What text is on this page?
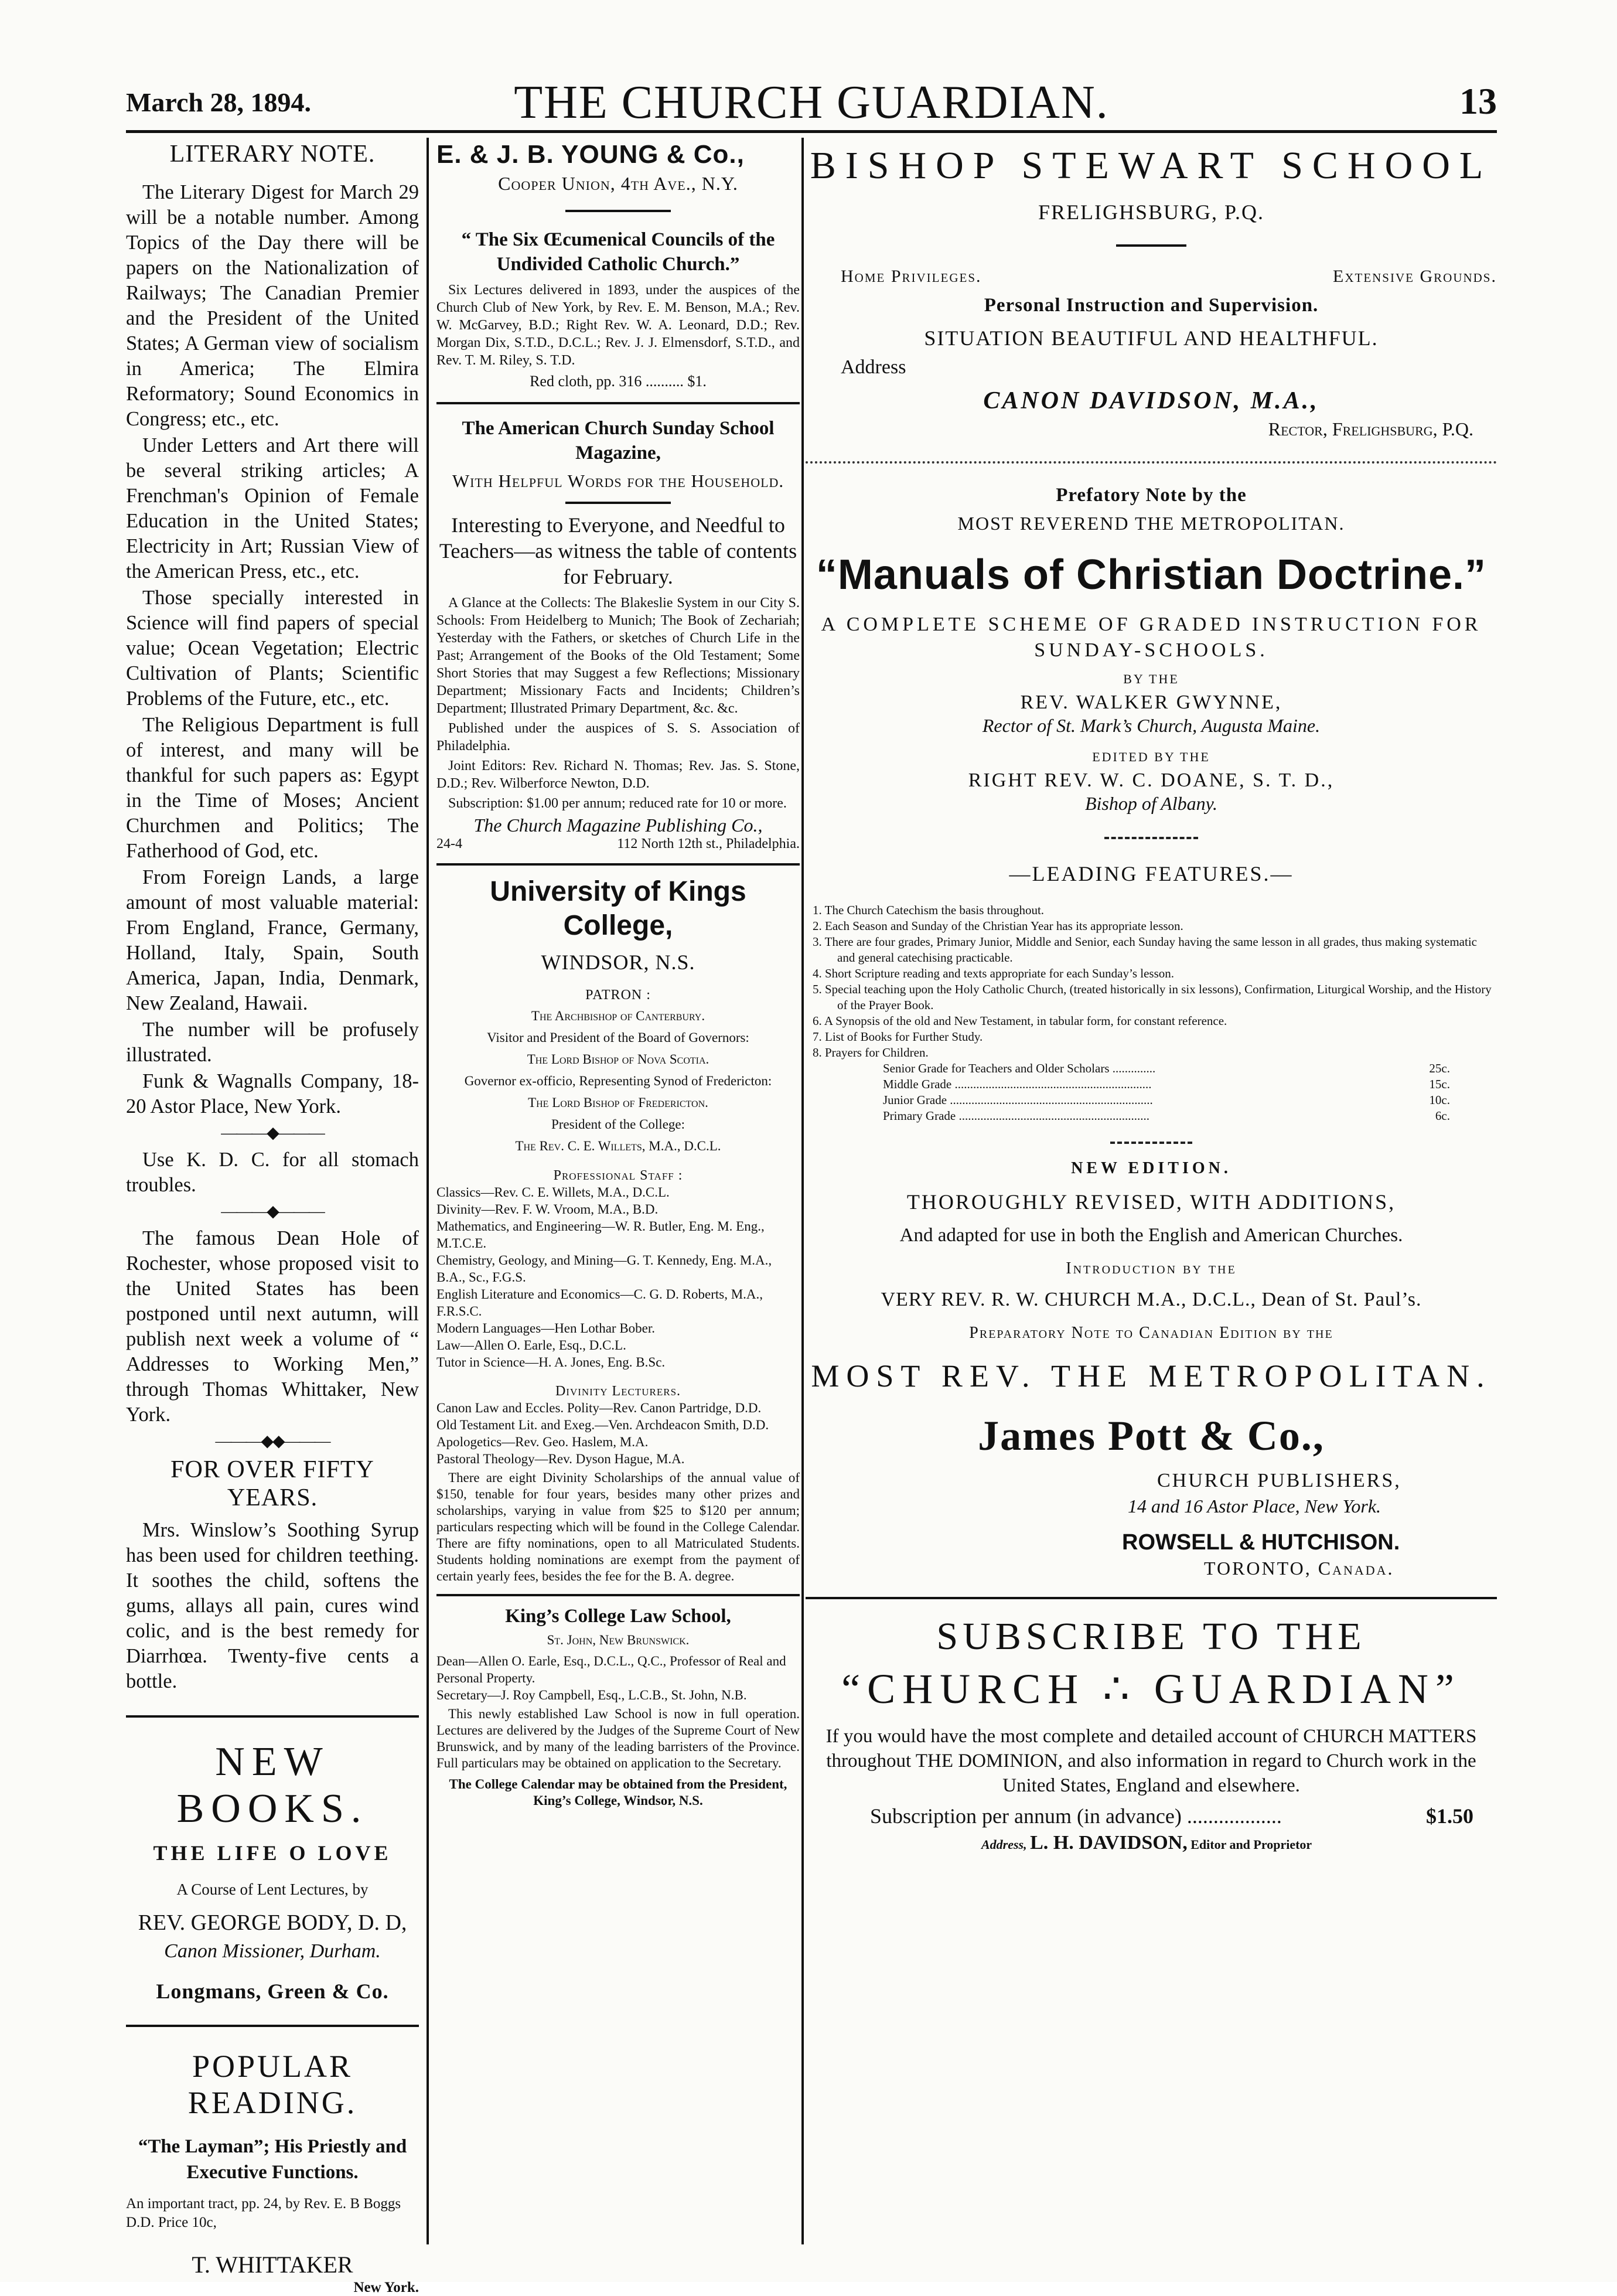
March 28, 1894.	THE CHURCH GUARDIAN.	13
LITERARY NOTE.

The Literary Digest for March 29 will be a notable number. Among Topics of the Day there will be papers on the Nationalization of Railways; The Canadian Premier and the President of the United States; A German view of socialism in America; The Elmira Reformatory; Sound Economics in Congress; etc., etc.

Under Letters and Art there will be several striking articles; A Frenchman's Opinion of Female Education in the United States; Electricity in Art; Russian View of the American Press, etc., etc.

Those specially interested in Science will find papers of special value; Ocean Vegetation; Electric Cultivation of Plants; Scientific Problems of the Future, etc., etc.

The Religious Department is full of interest, and many will be thankful for such papers as: Egypt in the Time of Moses; Ancient Churchmen and Politics; The Fatherhood of God, etc.

From Foreign Lands, a large amount of most valuable material: From England, France, Germany, Holland, Italy, Spain, South America, Japan, India, Denmark, New Zealand, Hawaii.

The number will be profusely illustrated.

Funk & Wagnalls Company, 18-20 Astor Place, New York.

———◆———

Use K. D. C. for all stomach troubles.

———◆———

The famous Dean Hole of Rochester, whose proposed visit to the United States has been postponed until next autumn, will publish next week a volume of “ Addresses to Working Men,” through Thomas Whittaker, New York.

———◆◆———
FOR OVER FIFTY YEARS.

Mrs. Winslow’s Soothing Syrup has been used for children teething. It soothes the child, softens the gums, allays all pain, cures wind colic, and is the best remedy for Diarrhœa. Twenty-five cents a bottle.

NEW BOOKS.
THE LIFE O LOVE
A Course of Lent Lectures, by
REV. GEORGE BODY, D. D,
Canon Missioner, Durham.
Longmans, Green & Co.
POPULAR READING.
“The Layman”; His Priestly and Executive Functions.
An important tract, pp. 24, by Rev. E. B Boggs D.D. Price 10c,
T. WHITTAKER
New York.
E. & J. B. YOUNG & Co.,
Cooper Union, 4th Ave., N.Y.
“ The Six Œcumenical Councils of the Undivided Catholic Church.”

Six Lectures delivered in 1893, under the auspices of the Church Club of New York, by Rev. E. M. Benson, M.A.; Rev. W. McGarvey, B.D.; Right Rev. W. A. Leonard, D.D.; Rev. Morgan Dix, S.T.D., D.C.L.; Rev. J. J. Elmensdorf, S.T.D., and Rev. T. M. Riley, S. T.D.

Red cloth, pp. 316 .......... $1.
The American Church Sunday School Magazine,
With Helpful Words for the Household.
Interesting to Everyone, and Needful to Teachers—as witness the table of contents for February.

A Glance at the Collects: The Blakeslie System in our City S. Schools: From Heidelberg to Munich; The Book of Zechariah; Yesterday with the Fathers, or sketches of Church Life in the Past; Arrangement of the Books of the Old Testament; Some Short Stories that may Suggest a few Reflections; Missionary Department; Missionary Facts and Incidents; Children’s Department; Illustrated Primary Department, &c. &c.

Published under the auspices of S. S. Association of Philadelphia.

Joint Editors: Rev. Richard N. Thomas; Rev. Jas. S. Stone, D.D.; Rev. Wilberforce Newton, D.D.

Subscription: $1.00 per annum; reduced rate for 10 or more.

The Church Magazine Publishing Co.,
24-4	112 North 12th st., Philadelphia.
University of Kings College,
WINDSOR, N.S.
PATRON :
The Archbishop of Canterbury.
Visitor and President of the Board of Governors:
The Lord Bishop of Nova Scotia.
Governor ex-officio, Representing Synod of Fredericton:
The Lord Bishop of Fredericton.
President of the College:
The Rev. C. E. Willets, M.A., D.C.L.
Professional Staff :
Classics—Rev. C. E. Willets, M.A., D.C.L.
Divinity—Rev. F. W. Vroom, M.A., B.D.
Mathematics, and Engineering—W. R. Butler, Eng. M. Eng., M.T.C.E.
Chemistry, Geology, and Mining—G. T. Kennedy, Eng. M.A., B.A., Sc., F.G.S.
English Literature and Economics—C. G. D. Roberts, M.A., F.R.S.C.
Modern Languages—Hen Lothar Bober.
Law—Allen O. Earle, Esq., D.C.L.
Tutor in Science—H. A. Jones, Eng. B.Sc.
Divinity Lecturers.
Canon Law and Eccles. Polity—Rev. Canon Partridge, D.D.
Old Testament Lit. and Exeg.—Ven. Archdeacon Smith, D.D.
Apologetics—Rev. Geo. Haslem, M.A.
Pastoral Theology—Rev. Dyson Hague, M.A.

There are eight Divinity Scholarships of the annual value of $150, tenable for four years, besides many other prizes and scholarships, varying in value from $25 to $120 per annum; particulars respecting which will be found in the College Calendar. There are fifty nominations, open to all Matriculated Students. Students holding nominations are exempt from the payment of certain yearly fees, besides the fee for the B. A. degree.

King’s College Law School,
St. John, New Brunswick.
Dean—Allen O. Earle, Esq., D.C.L., Q.C., Professor of Real and Personal Property.
Secretary—J. Roy Campbell, Esq., L.C.B., St. John, N.B.

This newly established Law School is now in full operation. Lectures are delivered by the Judges of the Supreme Court of New Brunswick, and by many of the leading barristers of the Province. Full particulars may be obtained on application to the Secretary.

The College Calendar may be obtained from the President, King’s College, Windsor, N.S.
BISHOP STEWART SCHOOL
FRELIGHSBURG, P.Q.
Home Privileges.	Extensive Grounds.
Personal Instruction and Supervision.
SITUATION BEAUTIFUL AND HEALTHFUL.
Address
CANON DAVIDSON, M.A.,
Rector, Frelighsburg, P.Q.
Prefatory Note by the
MOST REVEREND THE METROPOLITAN.
“Manuals of Christian Doctrine.”
A COMPLETE SCHEME OF GRADED INSTRUCTION FOR SUNDAY-SCHOOLS.
BY THE
REV. WALKER GWYNNE,
Rector of St. Mark’s Church, Augusta Maine.
EDITED BY THE
RIGHT REV. W. C. DOANE, S. T. D.,
Bishop of Albany.
—LEADING FEATURES.—
1. The Church Catechism the basis throughout.
2. Each Season and Sunday of the Christian Year has its appropriate lesson.
3. There are four grades, Primary Junior, Middle and Senior, each Sunday having the same lesson in all grades, thus making systematic and general catechising practicable.
4. Short Scripture reading and texts appropriate for each Sunday’s lesson.
5. Special teaching upon the Holy Catholic Church, (treated historically in six lessons), Confirmation, Liturgical Worship, and the History of the Prayer Book.
6. A Synopsis of the old and New Testament, in tabular form, for constant reference.
7. List of Books for Further Study.
8. Prayers for Children.
Senior Grade for Teachers and Older Scholars ..............	25c.
Middle Grade ................................................................	15c.
Junior Grade ..................................................................	10c.
Primary Grade ..............................................................	6c.
NEW EDITION.
THOROUGHLY REVISED, WITH ADDITIONS,
And adapted for use in both the English and American Churches.
Introduction by the
VERY REV. R. W. CHURCH M.A., D.C.L., Dean of St. Paul’s.
Preparatory Note to Canadian Edition by the
MOST REV. THE METROPOLITAN.
James Pott & Co.,
CHURCH PUBLISHERS,
14 and 16 Astor Place, New York.
ROWSELL & HUTCHISON.
TORONTO, Canada.
SUBSCRIBE TO THE
“CHURCH ∴ GUARDIAN”
If you would have the most complete and detailed account of CHURCH MATTERS throughout THE DOMINION, and also information in regard to Church work in the United States, England and elsewhere.
Subscription per annum (in advance) ..................	$1.50
Address, L. H. DAVIDSON, Editor and Proprietor
